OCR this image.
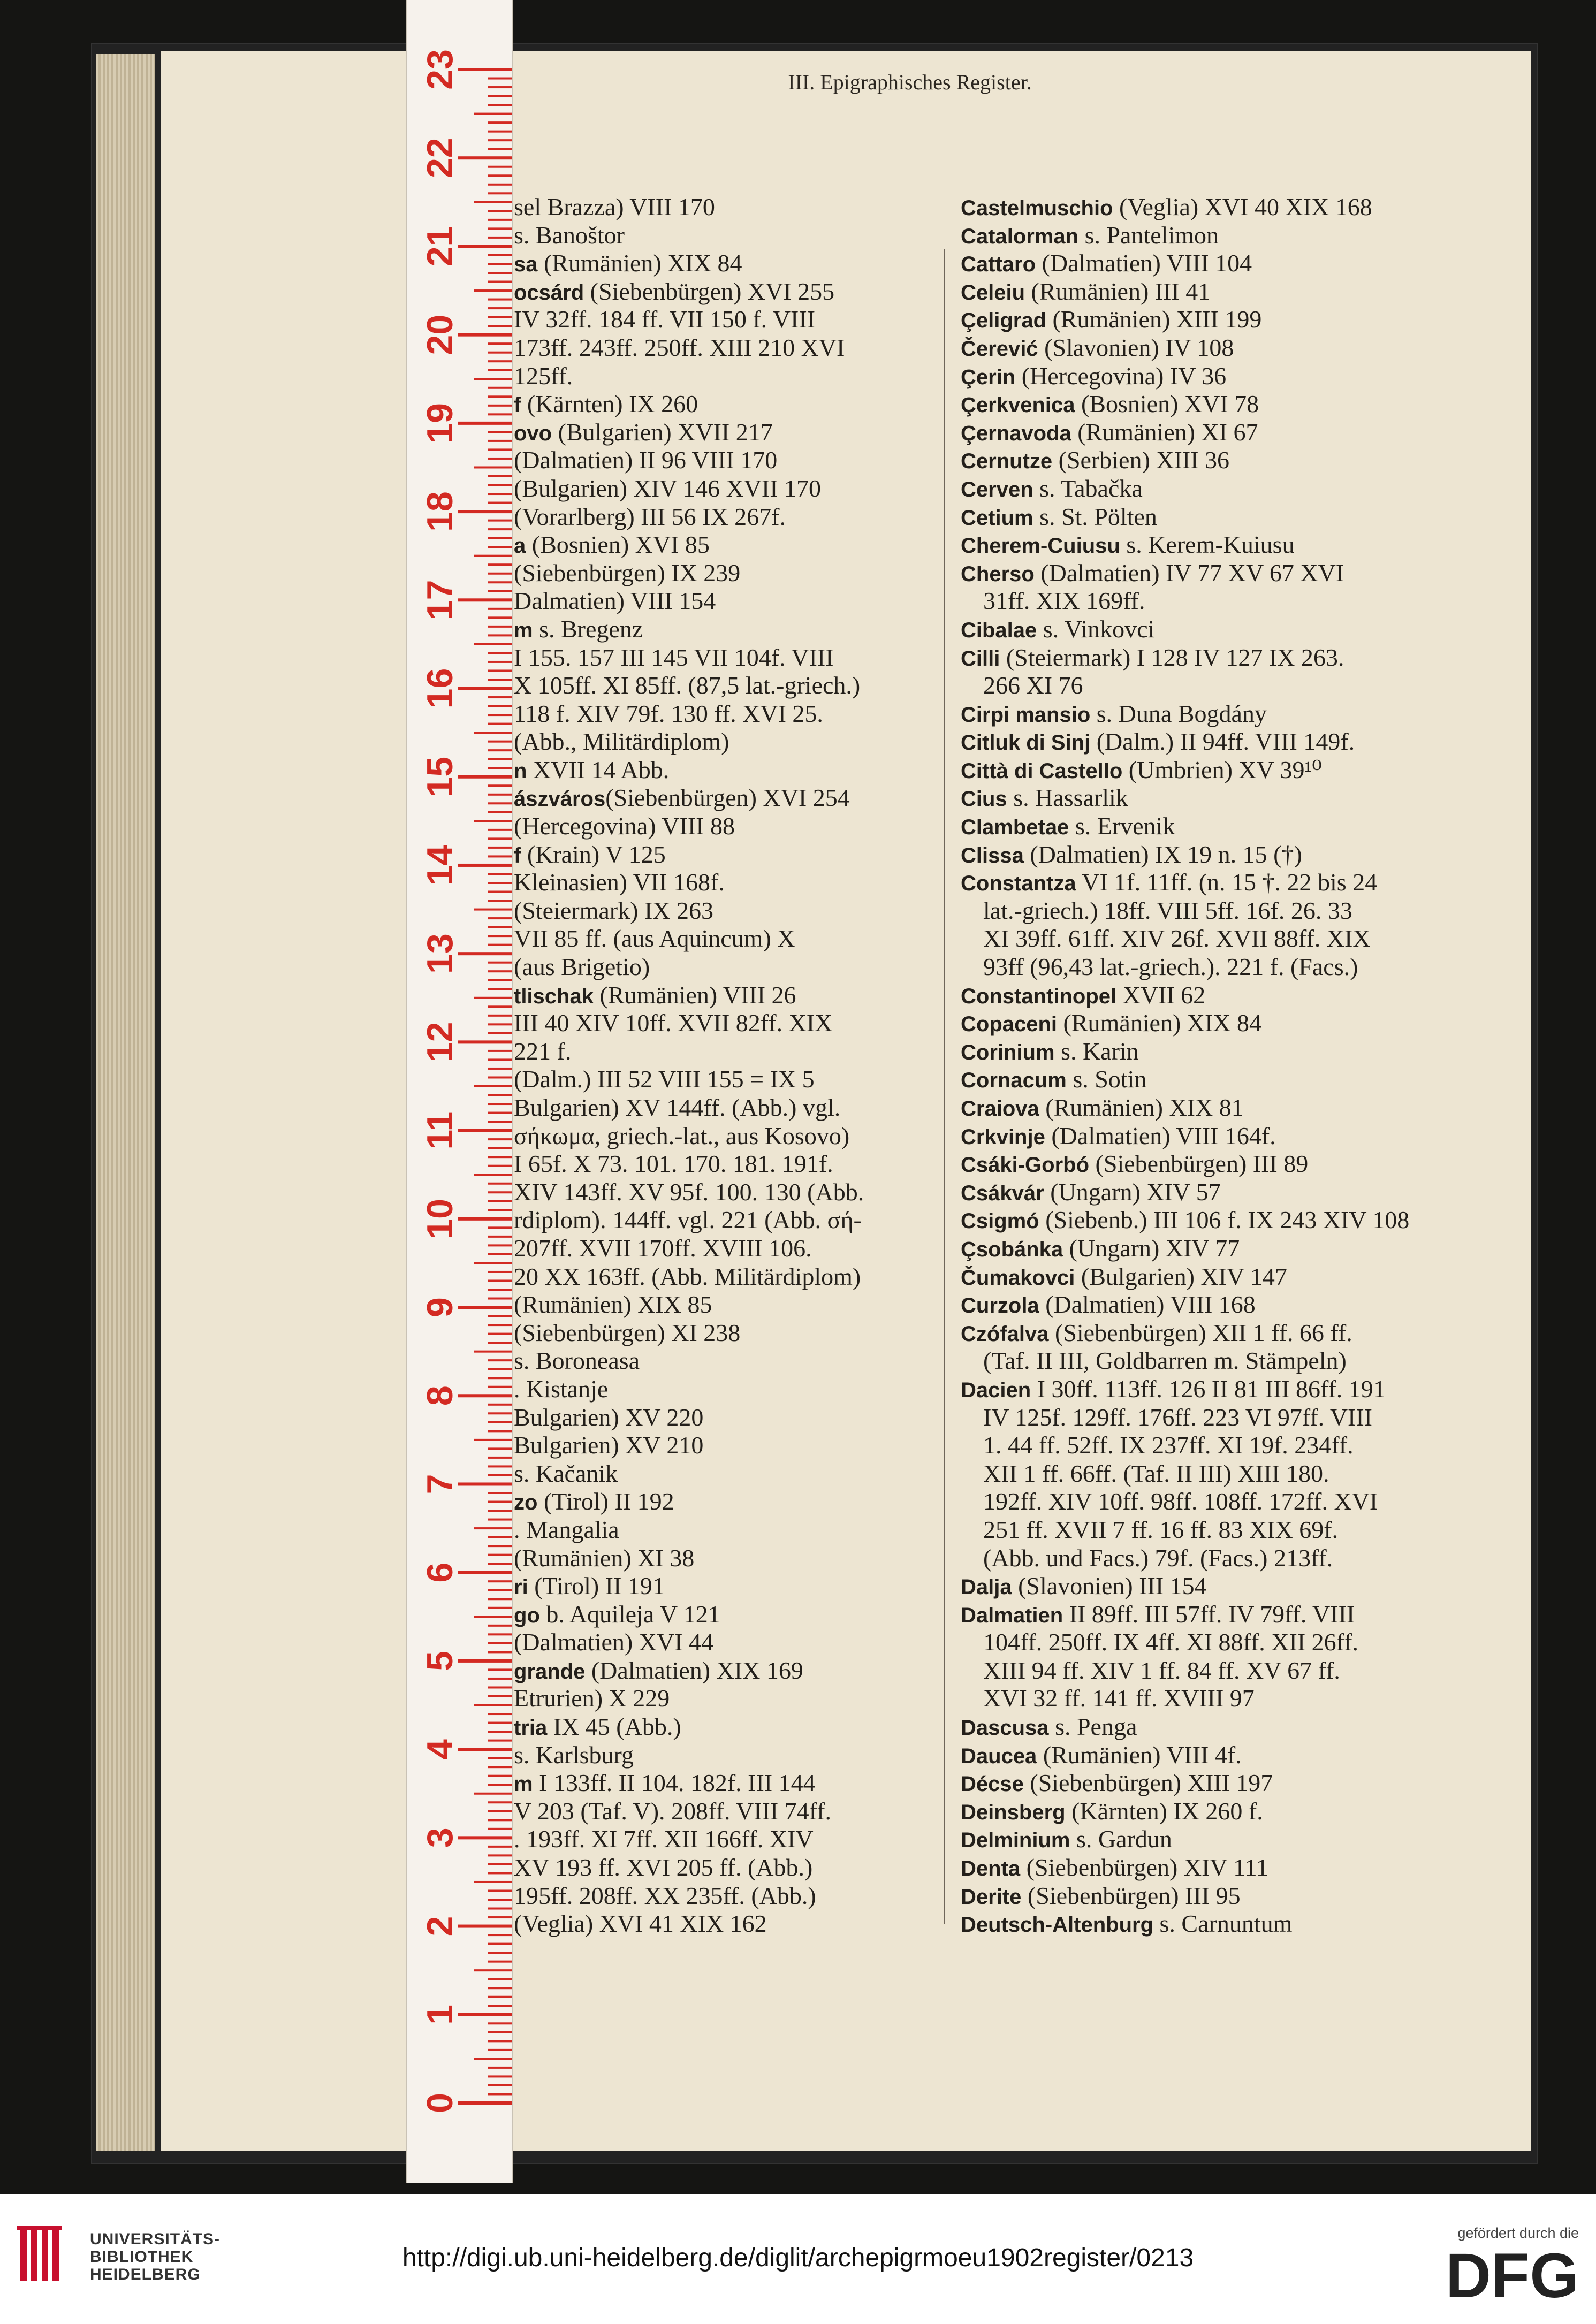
III. Epigraphisches Register.
sel Brazza) VIII 170
s. Banoštor
sa (Rumänien) XIX 84
ocsárd (Siebenbürgen) XVI 255
IV 32ff. 184 ff. VII 150 f. VIII
173ff. 243ff. 250ff. XIII 210 XVI
125ff.
f (Kärnten) IX 260
ovo (Bulgarien) XVII 217
(Dalmatien) II 96 VIII 170
(Bulgarien) XIV 146 XVII 170
(Vorarlberg) III 56 IX 267f.
a (Bosnien) XVI 85
(Siebenbürgen) IX 239
Dalmatien) VIII 154
m s. Bregenz
I 155. 157 III 145 VII 104f. VIII
X 105ff. XI 85ff. (87,5 lat.-griech.)
118 f. XIV 79f. 130 ff. XVI 25.
(Abb., Militärdiplom)
n XVII 14 Abb.
ászváros(Siebenbürgen) XVI 254
(Hercegovina) VIII 88
f (Krain) V 125
Kleinasien) VII 168f.
(Steiermark) IX 263
VII 85 ff. (aus Aquincum) X
(aus Brigetio)
tlischak (Rumänien) VIII 26
III 40 XIV 10ff. XVII 82ff. XIX
221 f.
(Dalm.) III 52 VIII 155 = IX 5
Bulgarien) XV 144ff. (Abb.) vgl.
σήκωμα, griech.-lat., aus Kosovo)
I 65f. X 73. 101. 170. 181. 191f.
XIV 143ff. XV 95f. 100. 130 (Abb.
rdiplom). 144ff. vgl. 221 (Abb. σή-
207ff. XVII 170ff. XVIII 106.
20 XX 163ff. (Abb. Militärdiplom)
(Rumänien) XIX 85
(Siebenbürgen) XI 238
s. Boroneasa
. Kistanje
Bulgarien) XV 220
Bulgarien) XV 210
s. Kačanik
zo (Tirol) II 192
. Mangalia
(Rumänien) XI 38
ri (Tirol) II 191
go b. Aquileja V 121
(Dalmatien) XVI 44
grande (Dalmatien) XIX 169
Etrurien) X 229
tria IX 45 (Abb.)
s. Karlsburg
m I 133ff. II 104. 182f. III 144
V 203 (Taf. V). 208ff. VIII 74ff.
. 193ff. XI 7ff. XII 166ff. XIV
XV 193 ff. XVI 205 ff. (Abb.)
195ff. 208ff. XX 235ff. (Abb.)
(Veglia) XVI 41 XIX 162
Castelmuschio (Veglia) XVI 40 XIX 168
Catalorman s. Pantelimon
Cattaro (Dalmatien) VIII 104
Celeiu (Rumänien) III 41
Çeligrad (Rumänien) XIII 199
Čerević (Slavonien) IV 108
Çerin (Hercegovina) IV 36
Çerkvenica (Bosnien) XVI 78
Çernavoda (Rumänien) XI 67
Cernutze (Serbien) XIII 36
Cerven s. Tabačka
Cetium s. St. Pölten
Cherem-Cuiusu s. Kerem-Kuiusu
Cherso (Dalmatien) IV 77 XV 67 XVI
31ff. XIX 169ff.
Cibalae s. Vinkovci
Cilli (Steiermark) I 128 IV 127 IX 263.
266 XI 76
Cirpi mansio s. Duna Bogdány
Citluk di Sinj (Dalm.) II 94ff. VIII 149f.
Città di Castello (Umbrien) XV 39¹⁰
Cius s. Hassarlik
Clambetae s. Ervenik
Clissa (Dalmatien) IX 19 n. 15 (†)
Constantza VI 1f. 11ff. (n. 15 †. 22 bis 24
lat.-griech.) 18ff. VIII 5ff. 16f. 26. 33
XI 39ff. 61ff. XIV 26f. XVII 88ff. XIX
93ff (96,43 lat.-griech.). 221 f. (Facs.)
Constantinopel XVII 62
Copaceni (Rumänien) XIX 84
Corinium s. Karin
Cornacum s. Sotin
Craiova (Rumänien) XIX 81
Crkvinje (Dalmatien) VIII 164f.
Csáki-Gorbó (Siebenbürgen) III 89
Csákvár (Ungarn) XIV 57
Csigmó (Siebenb.) III 106 f. IX 243 XIV 108
Çsobánka (Ungarn) XIV 77
Čumakovci (Bulgarien) XIV 147
Curzola (Dalmatien) VIII 168
Czófalva (Siebenbürgen) XII 1 ff. 66 ff.
(Taf. II III, Goldbarren m. Stämpeln)
Dacien I 30ff. 113ff. 126 II 81 III 86ff. 191
IV 125f. 129ff. 176ff. 223 VI 97ff. VIII
1. 44 ff. 52ff. IX 237ff. XI 19f. 234ff.
XII 1 ff. 66ff. (Taf. II III) XIII 180.
192ff. XIV 10ff. 98ff. 108ff. 172ff. XVI
251 ff. XVII 7 ff. 16 ff. 83 XIX 69f.
(Abb. und Facs.) 79f. (Facs.) 213ff.
Dalja (Slavonien) III 154
Dalmatien II 89ff. III 57ff. IV 79ff. VIII
104ff. 250ff. IX 4ff. XI 88ff. XII 26ff.
XIII 94 ff. XIV 1 ff. 84 ff. XV 67 ff.
XVI 32 ff. 141 ff. XVIII 97
Dascusa s. Penga
Daucea (Rumänien) VIII 4f.
Décse (Siebenbürgen) XIII 197
Deinsberg (Kärnten) IX 260 f.
Delminium s. Gardun
Denta (Siebenbürgen) XIV 111
Derite (Siebenbürgen) III 95
Deutsch-Altenburg s. Carnuntum
23
22
21
20
19
18
17
16
15
14
13
12
11
10
9
8
7
6
5
4
3
2
1
0
UNIVERSITÄTS-
BIBLIOTHEK
HEIDELBERG
http://digi.ub.uni-heidelberg.de/diglit/archepigrmoeu1902register/0213
gefördert durch die
DFG
